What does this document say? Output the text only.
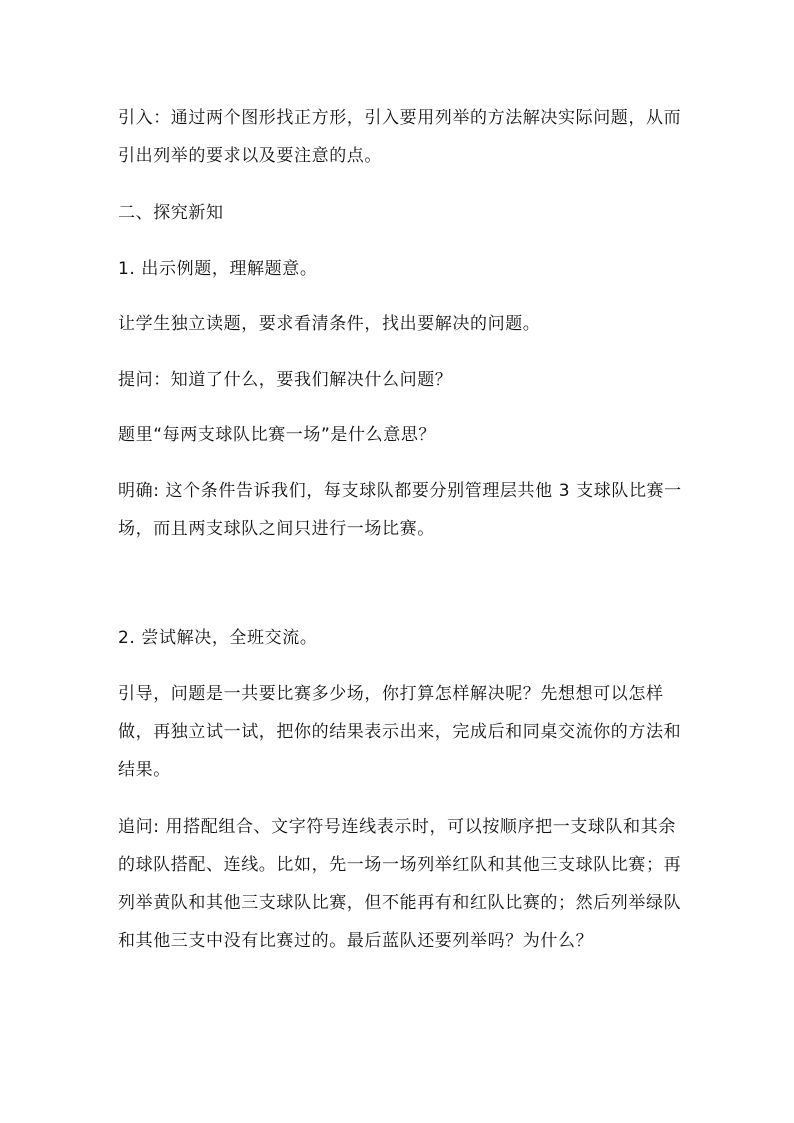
引入：通过两个图形找正方形，引入要用列举的方法解决实际问题，从而引出列举的要求以及要注意的点。

二、探究新知

1. 出示例题，理解题意。

让学生独立读题，要求看清条件，找出要解决的问题。

提问：知道了什么，要我们解决什么问题？

题里“每两支球队比赛一场”是什么意思？

明确: 这个条件告诉我们，每支球队都要分别管理层共他 3 支球队比赛一场，而且两支球队之间只进行一场比赛。

2. 尝试解决，全班交流。

引导，问题是一共要比赛多少场，你打算怎样解决呢？先想想可以怎样做，再独立试一试，把你的结果表示出来，完成后和同桌交流你的方法和结果。

追问: 用搭配组合、文字符号连线表示时，可以按顺序把一支球队和其余的球队搭配、连线。比如，先一场一场列举红队和其他三支球队比赛；再列举黄队和其他三支球队比赛，但不能再有和红队比赛的；然后列举绿队和其他三支中没有比赛过的。最后蓝队还要列举吗？为什么？
